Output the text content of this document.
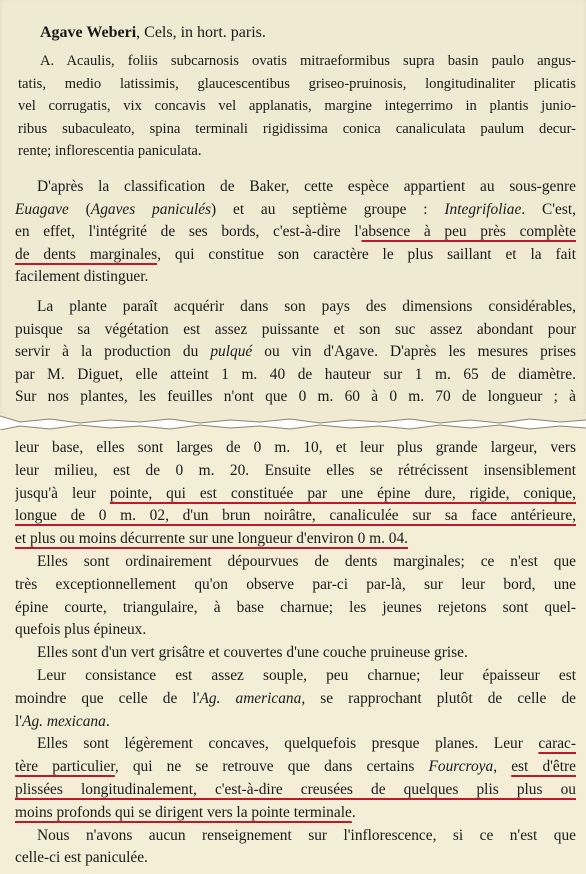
Agave Weberi, Cels, in hort. paris.
A. Acaulis, foliis subcarnosis ovatis mitraeformibus supra basin paulo angus-
tatis, medio latissimis, glaucescentibus griseo-pruinosis, longitudinaliter plicatis
vel corrugatis, vix concavis vel applanatis, margine integerrimo in plantis junio-
ribus subaculeato, spina terminali rigidissima conica canaliculata paulum decur-
rente; inflorescentia paniculata.
D'après la classification de Baker, cette espèce appartient au sous-genre
Euagave (Agaves paniculés) et au septième groupe : Integrifoliae. C'est,
en effet, l'intégrité de ses bords, c'est-à-dire l'absence à peu près complète
de dents marginales, qui constitue son caractère le plus saillant et la fait
facilement distinguer.
La plante paraît acquérir dans son pays des dimensions considérables,
puisque sa végétation est assez puissante et son suc assez abondant pour
servir à la production du pulqué ou vin d'Agave. D'après les mesures prises
par M. Diguet, elle atteint 1 m. 40 de hauteur sur 1 m. 65 de diamètre.
Sur nos plantes, les feuilles n'ont que 0 m. 60 à 0 m. 70 de longueur ; à
leur base, elles sont larges de 0 m. 10, et leur plus grande largeur, vers
leur milieu, est de 0 m. 20. Ensuite elles se rétrécissent insensiblement
jusqu'à leur pointe, qui est constituée par une épine dure, rigide, conique,
longue de 0 m. 02, d'un brun noirâtre, canaliculée sur sa face antérieure,
et plus ou moins décurrente sur une longueur d'environ 0 m. 04.
Elles sont ordinairement dépourvues de dents marginales; ce n'est que
très exceptionnellement qu'on observe par-ci par-là, sur leur bord, une
épine courte, triangulaire, à base charnue; les jeunes rejetons sont quel-
quefois plus épineux.
Elles sont d'un vert grisâtre et couvertes d'une couche pruineuse grise.
Leur consistance est assez souple, peu charnue; leur épaisseur est
moindre que celle de l'Ag. americana, se rapprochant plutôt de celle de
l'Ag. mexicana.
Elles sont légèrement concaves, quelquefois presque planes. Leur carac-
tère particulier, qui ne se retrouve que dans certains Fourcroya, est d'être
plissées longitudinalement, c'est-à-dire creusées de quelques plis plus ou
moins profonds qui se dirigent vers la pointe terminale.
Nous n'avons aucun renseignement sur l'inflorescence, si ce n'est que
celle-ci est paniculée.
